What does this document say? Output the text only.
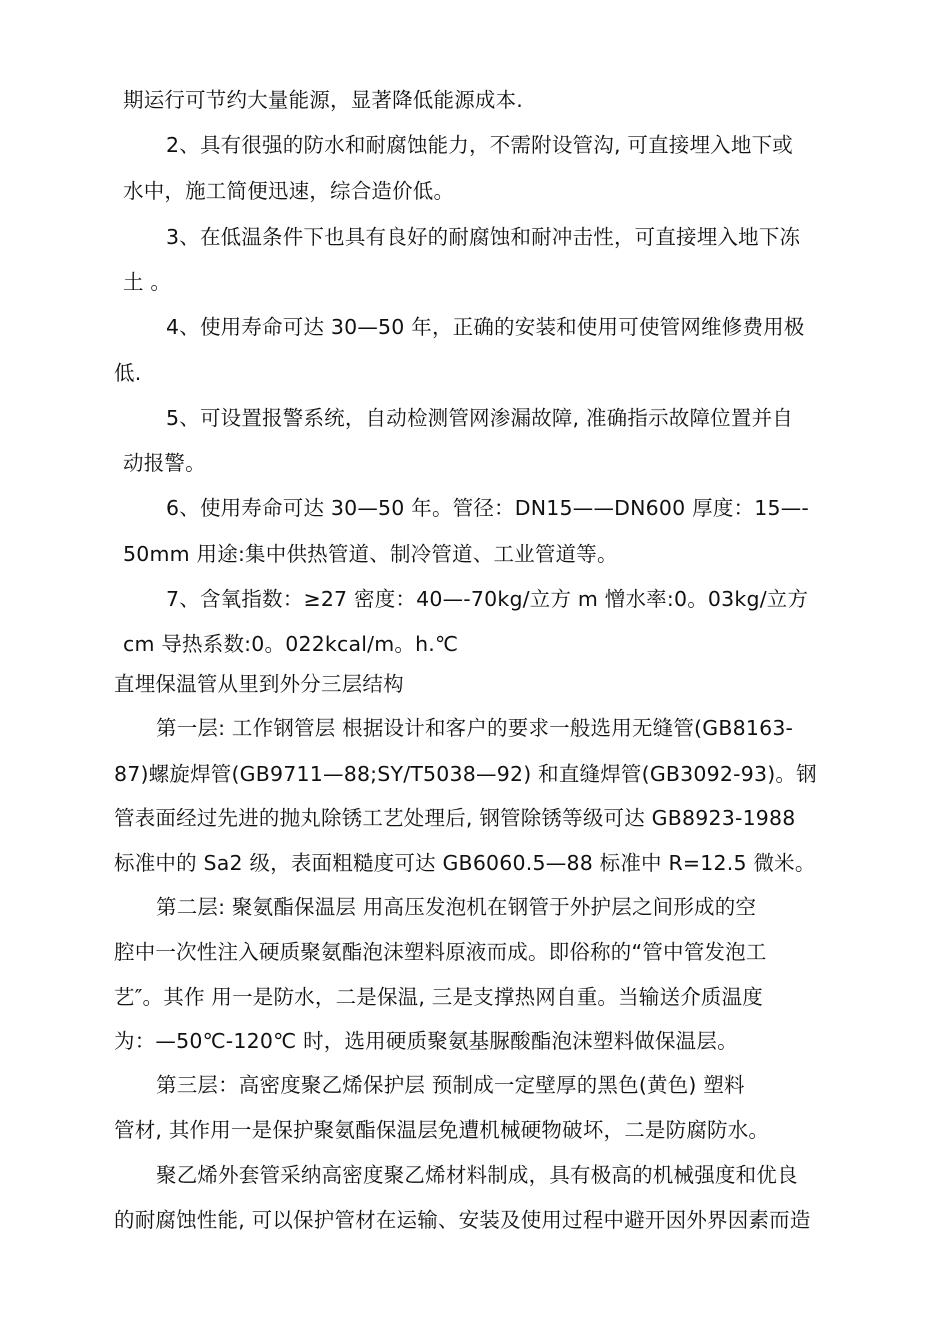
期运行可节约大量能源，显著降低能源成本.
2、具有很强的防水和耐腐蚀能力，不需附设管沟, 可直接埋入地下或
水中，施工简便迅速，综合造价低。
3、在低温条件下也具有良好的耐腐蚀和耐冲击性，可直接埋入地下冻
土 。
4、使用寿命可达 30—50 年，正确的安装和使用可使管网维修费用极
低.
5、可设置报警系统，自动检测管网渗漏故障, 准确指示故障位置并自
动报警。
6、使用寿命可达 30—50 年。管径：DN15——DN600 厚度：15—-
50mm 用途:集中供热管道、制冷管道、工业管道等。
7、含氧指数：≥27 密度：40—-70kg/立方 m 憎水率:0。03kg/立方
cm 导热系数:0。022kcal/m。h.℃
直埋保温管从里到外分三层结构
第一层: 工作钢管层 根据设计和客户的要求一般选用无缝管(GB8163-
87)螺旋焊管(GB9711—88;SY/T5038—92) 和直缝焊管(GB3092-93)。钢
管表面经过先进的抛丸除锈工艺处理后, 钢管除锈等级可达 GB8923-1988
标准中的 Sa2 级，表面粗糙度可达 GB6060.5—88 标准中 R=12.5 微米。
第二层: 聚氨酯保温层 用高压发泡机在钢管于外护层之间形成的空
腔中一次性注入硬质聚氨酯泡沫塑料原液而成。即俗称的“管中管发泡工
艺″。其作 用一是防水，二是保温, 三是支撑热网自重。当输送介质温度
为：—50℃-120℃ 时，选用硬质聚氨基脲酸酯泡沫塑料做保温层。
第三层：高密度聚乙烯保护层 预制成一定壁厚的黑色(黄色) 塑料
管材, 其作用一是保护聚氨酯保温层免遭机械硬物破坏，二是防腐防水。
聚乙烯外套管采纳高密度聚乙烯材料制成，具有极高的机械强度和优良
的耐腐蚀性能, 可以保护管材在运输、安装及使用过程中避开因外界因素而造
